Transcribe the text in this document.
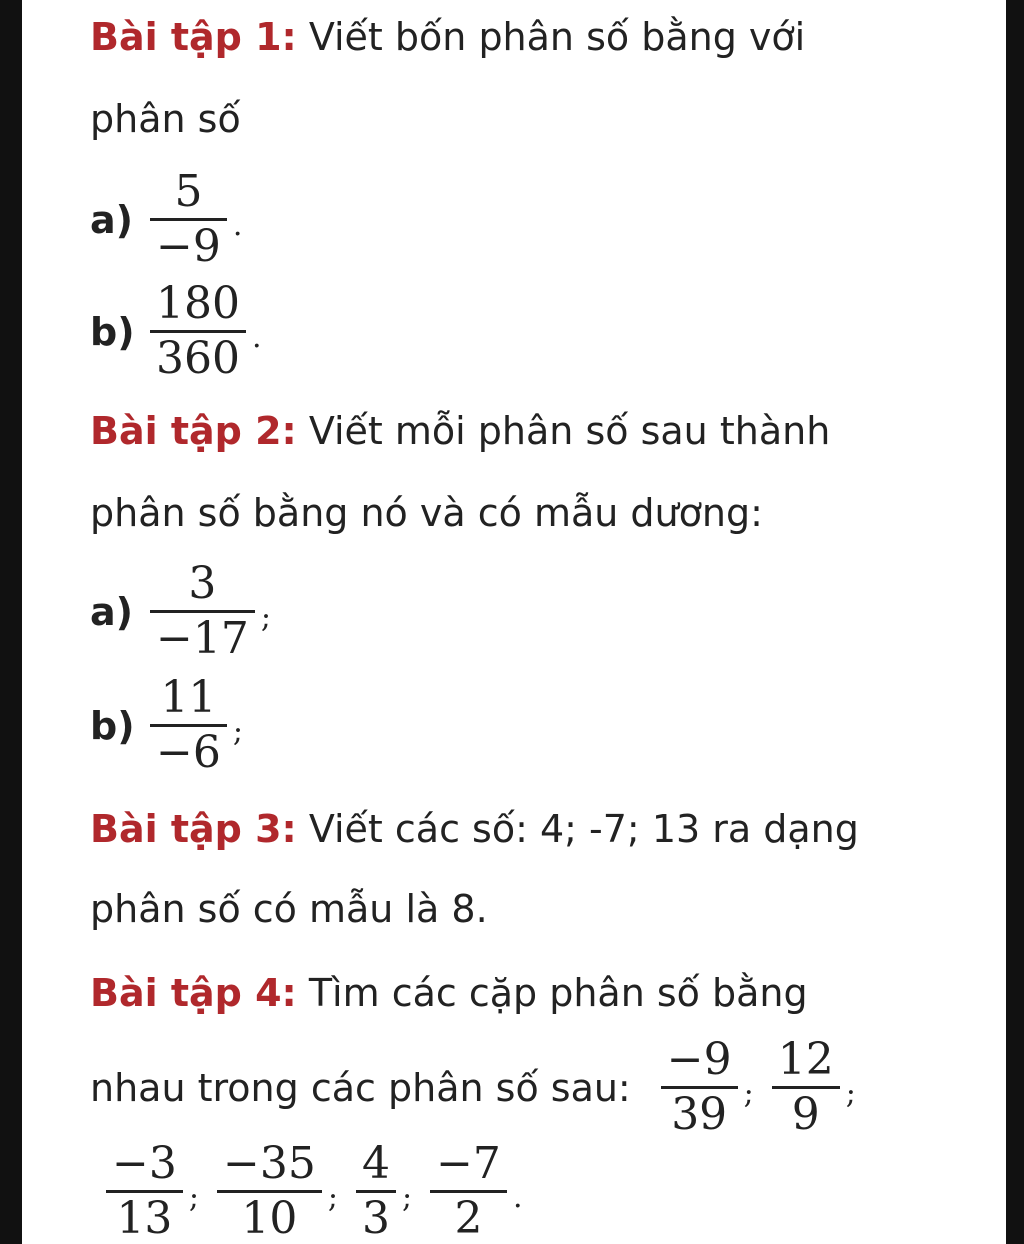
Bài tập 1: Viết bốn phân số bằng với
phân số
$a) \frac{5}{-9}$ .
$b) \frac{180}{360}$ .
Bài tập 2: Viết mỗi phân số sau thành
phân số bằng nó và có mẫu dương:
$a) \frac{3}{-17}$ ;
$b) \frac{11}{-6}$ ;
Bài tập 3: Viết các số: 4; -7; 13 ra dạng
phân số có mẫu là 8.
Bài tập 4: Tìm các cặp phân số bằng
nhau trong các phân số sau: $\frac{-9}{39}$ ; $\frac{12}{9}$ ;
$\frac{-3}{13}$ ; $\frac{-35}{10}$ ; $\frac{4}{3}$ ; $\frac{-7}{2}$ .
